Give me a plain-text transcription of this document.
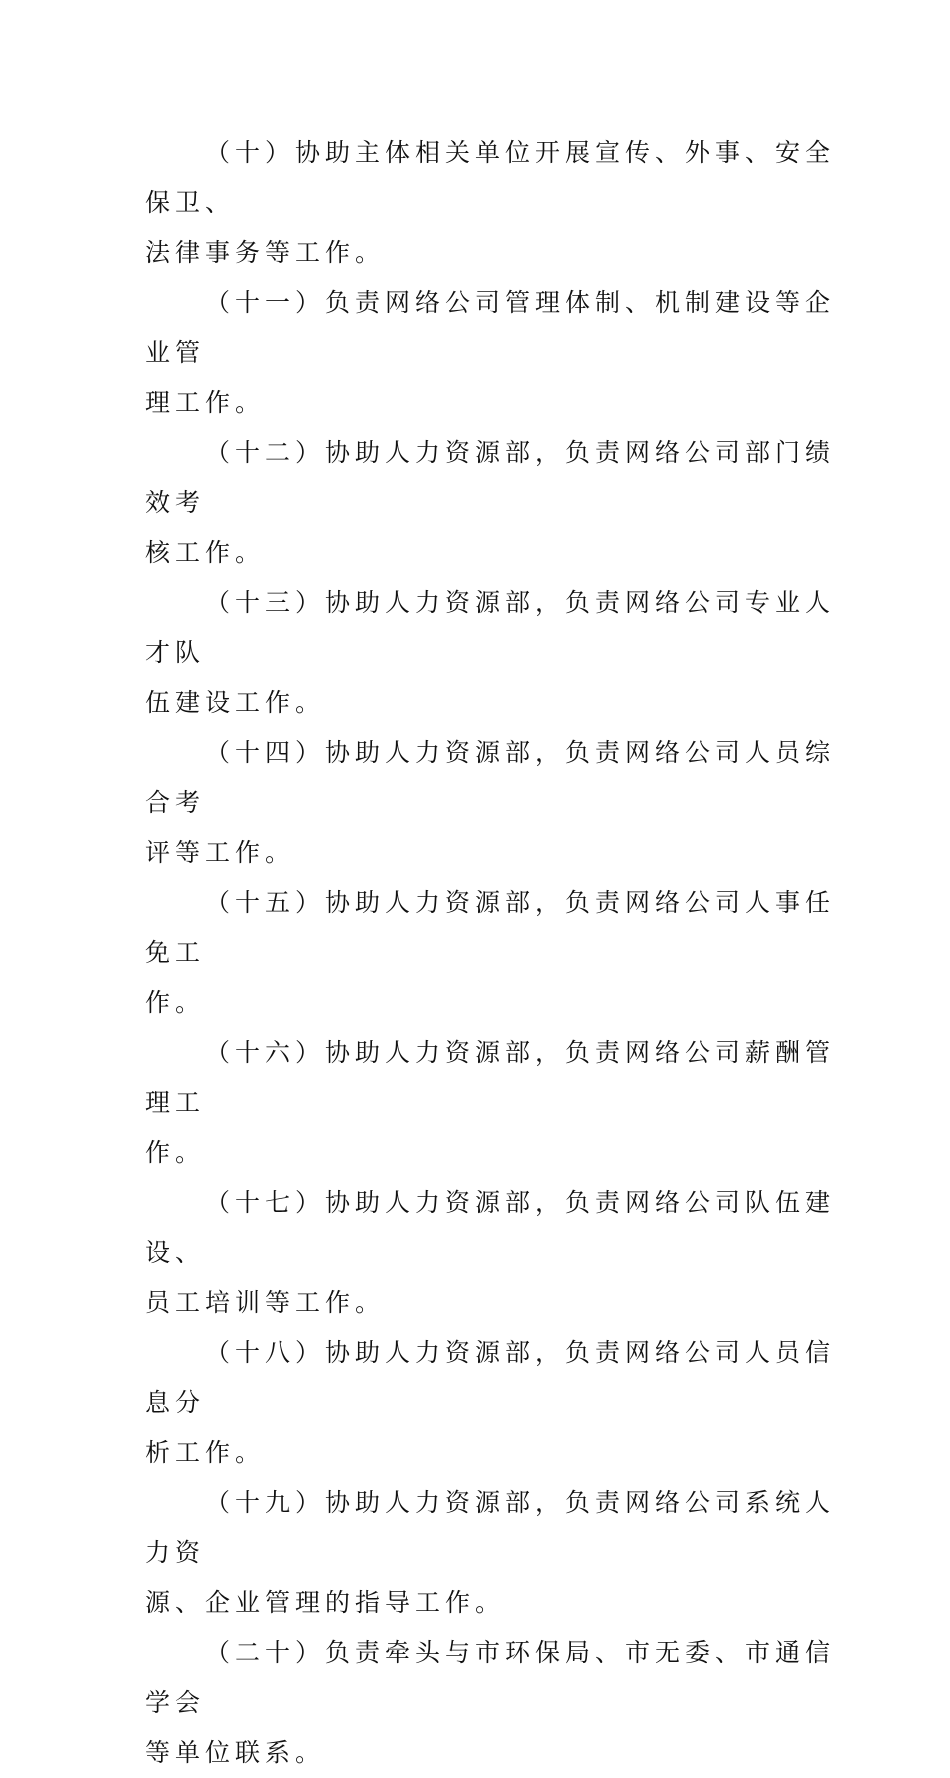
（十）协助主体相关单位开展宣传、外事、安全保卫、
法律事务等工作。

（十一）负责网络公司管理体制、机制建设等企业管
理工作。

（十二）协助人力资源部，负责网络公司部门绩效考
核工作。

（十三）协助人力资源部，负责网络公司专业人才队
伍建设工作。

（十四）协助人力资源部，负责网络公司人员综合考
评等工作。

（十五）协助人力资源部，负责网络公司人事任免工
作。

（十六）协助人力资源部，负责网络公司薪酬管理工
作。

（十七）协助人力资源部，负责网络公司队伍建设、
员工培训等工作。

（十八）协助人力资源部，负责网络公司人员信息分
析工作。

（十九）协助人力资源部，负责网络公司系统人力资
源、企业管理的指导工作。

（二十）负责牵头与市环保局、市无委、市通信学会
等单位联系。
